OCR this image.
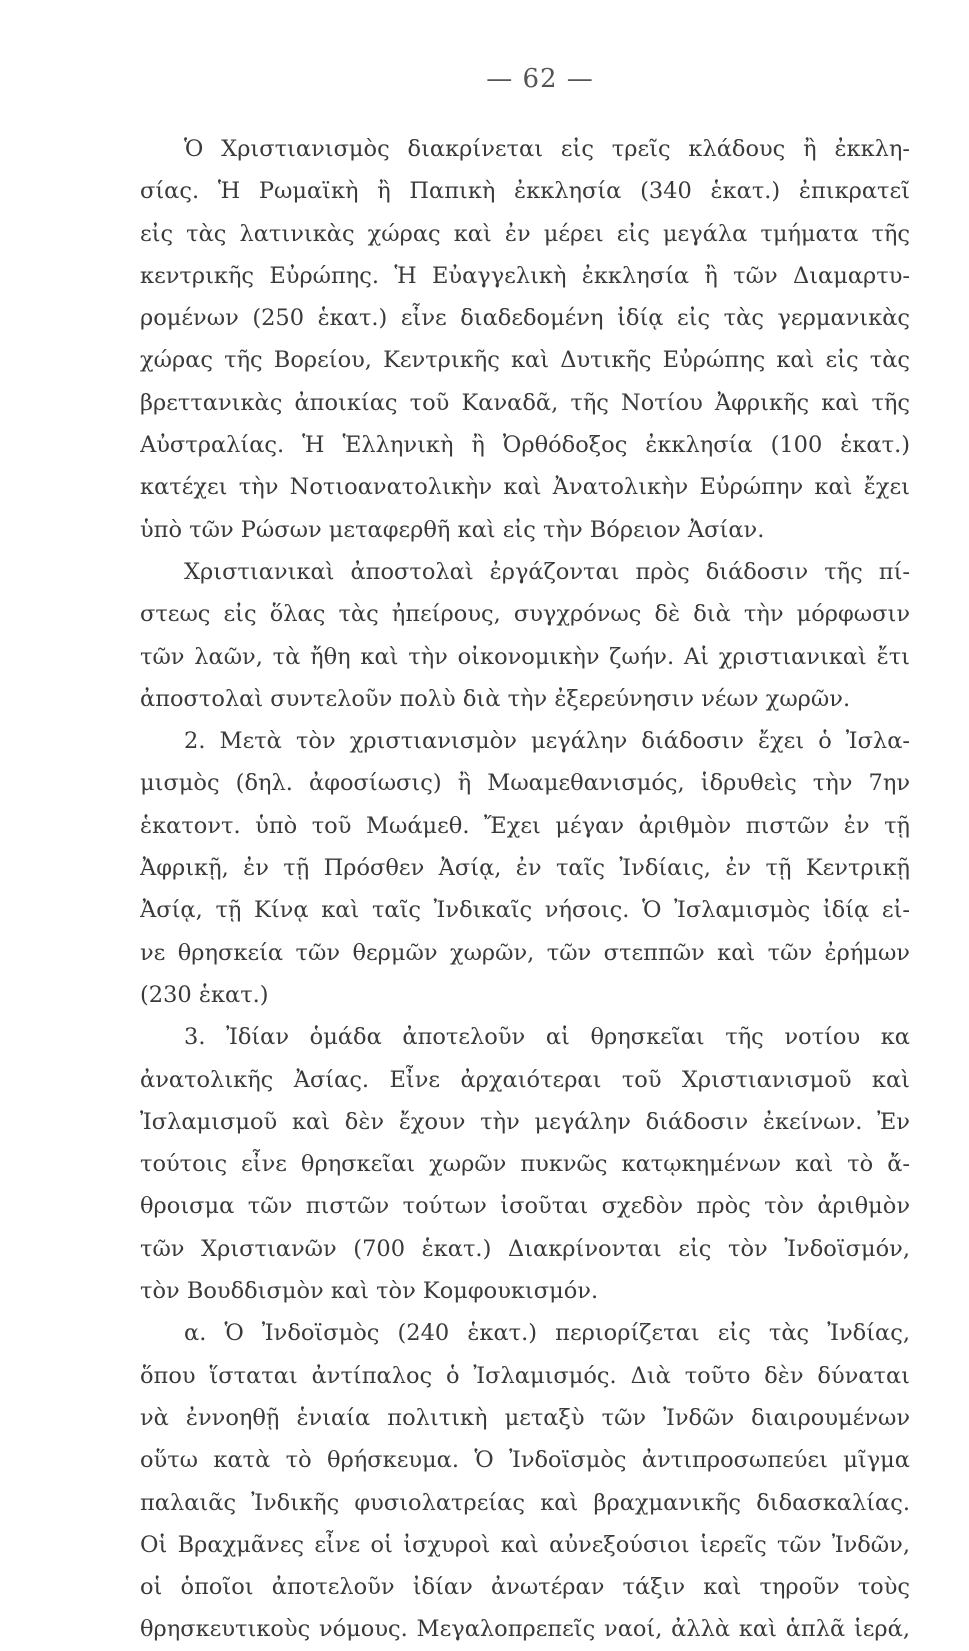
— 62 —
Ὁ Χριστιανισμὸς διακρίνεται εἰς τρεῖς κλάδους ἢ ἐκκλη-
σίας. Ἡ Ρωμαϊκὴ ἢ Παπικὴ ἐκκλησία (340 ἑκατ.) ἐπικρατεῖ
εἰς τὰς λατινικὰς χώρας καὶ ἐν μέρει εἰς μεγάλα τμήματα τῆς
κεντρικῆς Εὐρώπης. Ἡ Εὐαγγελικὴ ἐκκλησία ἢ τῶν Διαμαρτυ-
ρομένων (250 ἑκατ.) εἶνε διαδεδομένη ἰδίᾳ εἰς τὰς γερμανικὰς
χώρας τῆς Βορείου, Κεντρικῆς καὶ Δυτικῆς Εὐρώπης καὶ εἰς τὰς
βρεττανικὰς ἀποικίας τοῦ Καναδᾶ, τῆς Νοτίου Ἀφρικῆς καὶ τῆς
Αὐστραλίας. Ἡ Ἑλληνικὴ ἢ Ὀρθόδοξος ἐκκλησία (100 ἑκατ.)
κατέχει τὴν Νοτιοανατολικὴν καὶ Ἀνατολικὴν Εὐρώπην καὶ ἔχει
ὑπὸ τῶν Ρώσων μεταφερθῆ καὶ εἰς τὴν Βόρειον Ἀσίαν.
Χριστιανικαὶ ἀποστολαὶ ἐργάζονται πρὸς διάδοσιν τῆς πί-
στεως εἰς ὅλας τὰς ἠπείρους, συγχρόνως δὲ διὰ τὴν μόρφωσιν
τῶν λαῶν, τὰ ἤθη καὶ τὴν οἰκονομικὴν ζωήν. Αἱ χριστιανικαὶ ἔτι
ἀποστολαὶ συντελοῦν πολὺ διὰ τὴν ἐξερεύνησιν νέων χωρῶν.
2. Μετὰ τὸν χριστιανισμὸν μεγάλην διάδοσιν ἔχει ὁ Ἰσλα-
μισμὸς (δηλ. ἀφοσίωσις) ἢ Μωαμεθανισμός, ἱδρυθεὶς τὴν 7ην
ἑκατοντ. ὑπὸ τοῦ Μωάμεθ. Ἔχει μέγαν ἀριθμὸν πιστῶν ἐν τῇ
Ἀφρικῇ, ἐν τῇ Πρόσθεν Ἀσίᾳ, ἐν ταῖς Ἰνδίαις, ἐν τῇ Κεντρικῇ
Ἀσίᾳ, τῇ Κίνᾳ καὶ ταῖς Ἰνδικαῖς νήσοις. Ὁ Ἰσλαμισμὸς ἰδίᾳ εἰ-
νε θρησκεία τῶν θερμῶν χωρῶν, τῶν στεππῶν καὶ τῶν ἐρήμων
(230 ἑκατ.)
3. Ἰδίαν ὁμάδα ἀποτελοῦν αἱ θρησκεῖαι τῆς νοτίου κα
ἀνατολικῆς Ἀσίας. Εἶνε ἀρχαιότεραι τοῦ Χριστιανισμοῦ καὶ
Ἰσλαμισμοῦ καὶ δὲν ἔχουν τὴν μεγάλην διάδοσιν ἐκείνων. Ἐν
τούτοις εἶνε θρησκεῖαι χωρῶν πυκνῶς κατῳκημένων καὶ τὸ ἄ-
θροισμα τῶν πιστῶν τούτων ἰσοῦται σχεδὸν πρὸς τὸν ἀριθμὸν
τῶν Χριστιανῶν (700 ἑκατ.) Διακρίνονται εἰς τὸν Ἰνδοϊσμόν,
τὸν Βουδδισμὸν καὶ τὸν Κομφουκισμόν.
α. Ὁ Ἰνδοϊσμὸς (240 ἑκατ.) περιορίζεται εἰς τὰς Ἰνδίας,
ὅπου ἵσταται ἀντίπαλος ὁ Ἰσλαμισμός. Διὰ τοῦτο δὲν δύναται
νὰ ἐννοηθῇ ἑνιαία πολιτικὴ μεταξὺ τῶν Ἰνδῶν διαιρουμένων
οὕτω κατὰ τὸ θρήσκευμα. Ὁ Ἰνδοϊσμὸς ἀντιπροσωπεύει μῖγμα
παλαιᾶς Ἰνδικῆς φυσιολατρείας καὶ βραχμανικῆς διδασκαλίας.
Οἱ Βραχμᾶνες εἶνε οἱ ἰσχυροὶ καὶ αὐνεξούσιοι ἱερεῖς τῶν Ἰνδῶν,
οἱ ὁποῖοι ἀποτελοῦν ἰδίαν ἀνωτέραν τάξιν καὶ τηροῦν τοὺς
θρησκευτικοὺς νόμους. Μεγαλοπρεπεῖς ναοί, ἀλλὰ καὶ ἁπλᾶ ἱερά,
